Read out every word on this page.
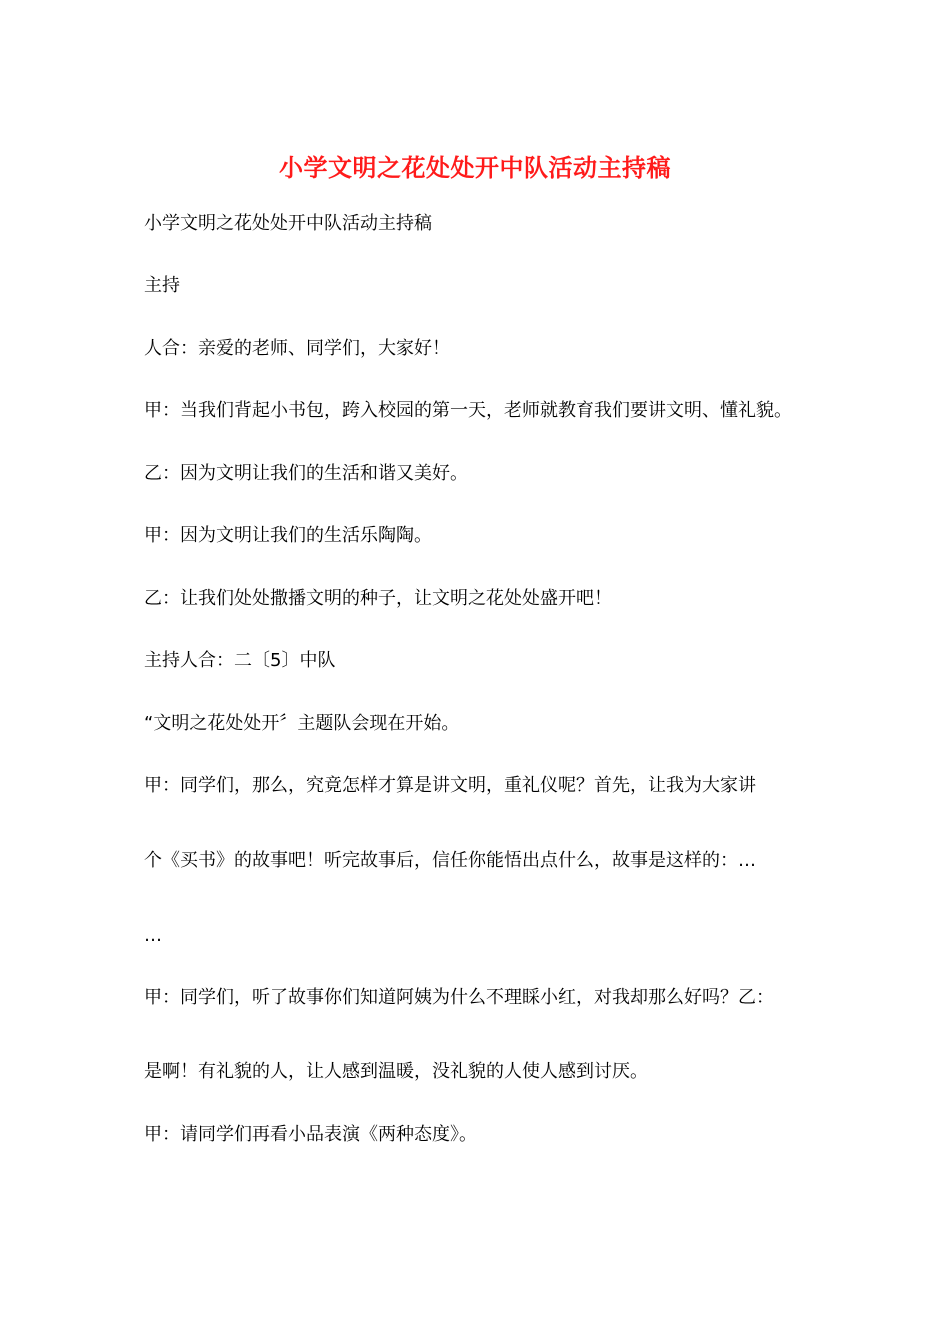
小学文明之花处处开中队活动主持稿
小学文明之花处处开中队活动主持稿
主持
人合：亲爱的老师、同学们，大家好！
甲：当我们背起小书包，跨入校园的第一天，老师就教育我们要讲文明、懂礼貌。
乙：因为文明让我们的生活和谐又美好。
甲：因为文明让我们的生活乐陶陶。
乙：让我们处处撒播文明的种子，让文明之花处处盛开吧！
主持人合：二〔5〕中队
“文明之花处处开〞主题队会现在开始。
甲：同学们，那么，究竟怎样才算是讲文明，重礼仪呢？首先，让我为大家讲
个《买书》的故事吧！听完故事后，信任你能悟出点什么，故事是这样的：…
…
甲：同学们，听了故事你们知道阿姨为什么不理睬小红，对我却那么好吗？乙：
是啊！有礼貌的人，让人感到温暖，没礼貌的人使人感到讨厌。
甲：请同学们再看小品表演《两种态度》。
